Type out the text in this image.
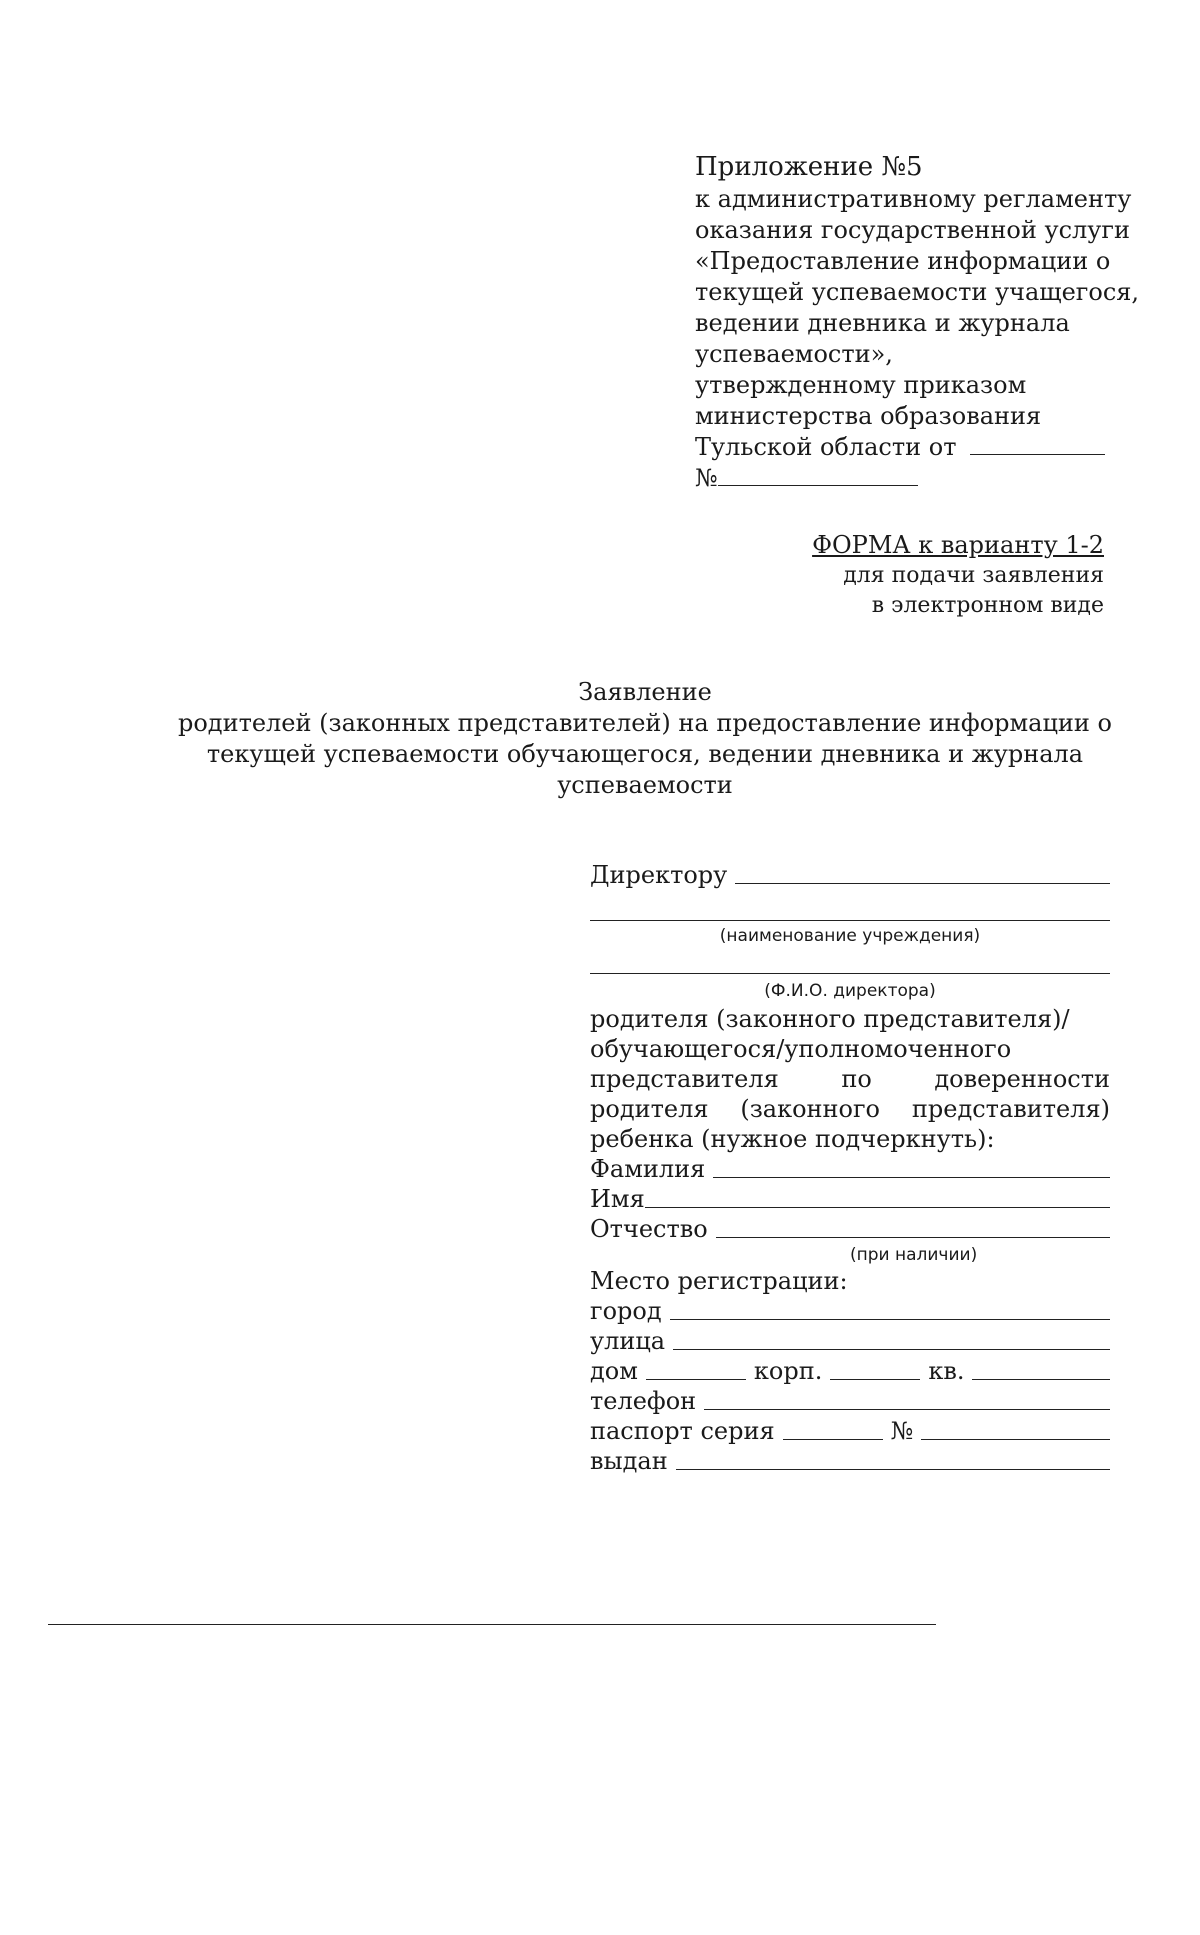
Приложение №5
к административному регламенту
оказания государственной услуги
«Предоставление информации о
текущей успеваемости учащегося,
ведении дневника и журнала
успеваемости»,
утвержденному приказом
министерства образования
Тульской области от
№
ФОРМА к варианту 1-2
для подачи заявления
в электронном виде
Заявление
родителей (законных представителей) на предоставление информации о
текущей успеваемости обучающегося, ведении дневника и журнала
успеваемости
Директору
(наименование учреждения)
(Ф.И.О. директора)
родителя (законного представителя)/
обучающегося/уполномоченного
представителя по доверенности родителя (законного представителя) ребенка (нужное подчеркнуть):
Фамилия
Имя
Отчество
(при наличии)
Место регистрации:
город
улица
дом	корп.	кв.
телефон
паспорт серия	№
выдан
